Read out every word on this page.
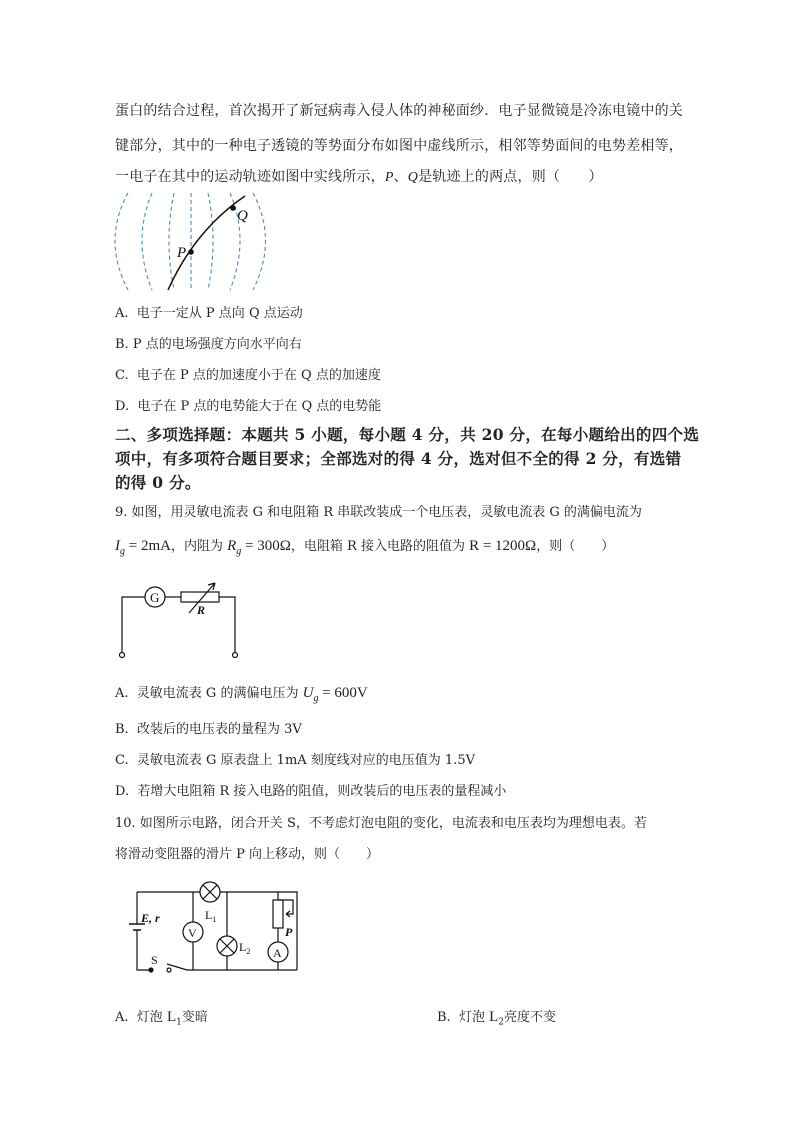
蛋白的结合过程，首次揭开了新冠病毒入侵人体的神秘面纱．电子显微镜是冷冻电镜中的关
键部分，其中的一种电子透镜的等势面分布如图中虚线所示，相邻等势面间的电势差相等，
一电子在其中的运动轨迹如图中实线所示，P、Q是轨迹上的两点，则（　　）
P
Q
A. 电子一定从 P 点向 Q 点运动
B. P 点的电场强度方向水平向右
C. 电子在 P 点的加速度小于在 Q 点的加速度
D. 电子在 P 点的电势能大于在 Q 点的电势能
二、多项选择题：本题共 5 小题，每小题 4 分，共 20 分，在每小题给出的四个选
项中，有多项符合题目要求；全部选对的得 4 分，选对但不全的得 2 分，有选错
的得 0 分。
9. 如图，用灵敏电流表 G 和电阻箱 R 串联改装成一个电压表，灵敏电流表 G 的满偏电流为
$I_g = 2mA$，内阻为 $R_g = 300\Omega$，电阻箱 R 接入电路的阻值为 R = 1200Ω，则（　　）
G
R
A. 灵敏电流表 G 的满偏电压为 $U_g = 600V$
B. 改装后的电压表的量程为 3V
C. 灵敏电流表 G 原表盘上 1mA 刻度线对应的电压值为 1.5V
D. 若增大电阻箱 R 接入电路的阻值，则改装后的电压表的量程减小
10. 如图所示电路，闭合开关 S，不考虑灯泡电阻的变化，电流表和电压表均为理想电表。若
将滑动变阻器的滑片 P 向上移动，则（　　）
E, r
V
$L_1$
$L_2$
P
A
S
A. 灯泡 $L_1$变暗	B. 灯泡 $L_2$亮度不变
